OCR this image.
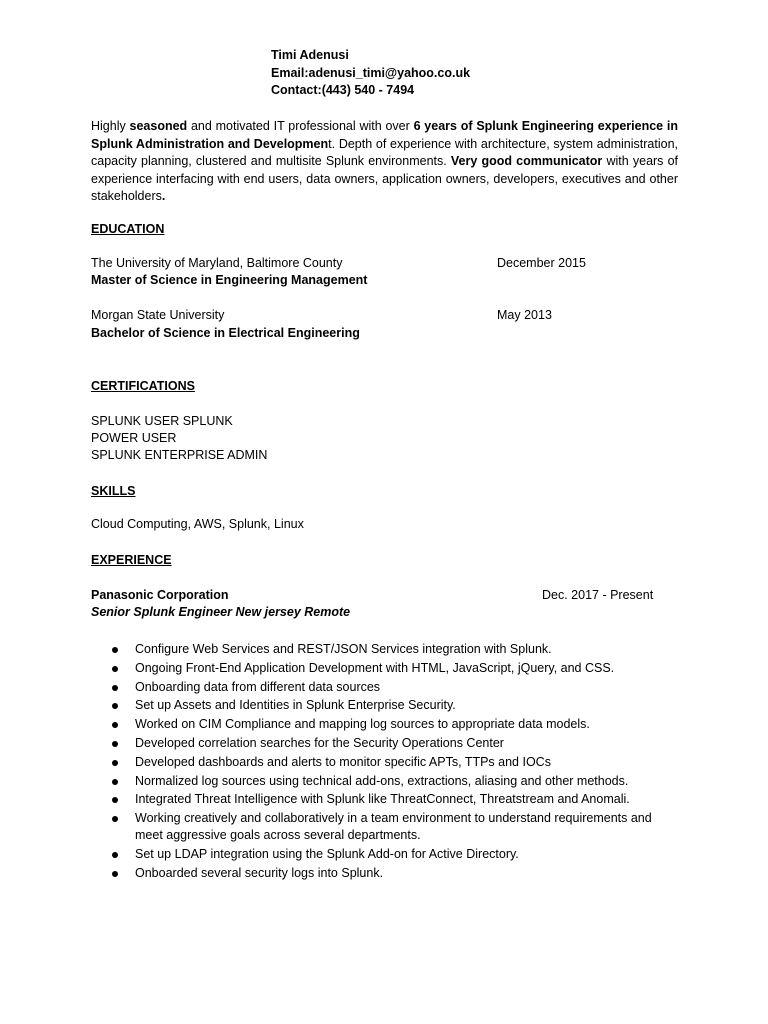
Timi Adenusi
Email:adenusi_timi@yahoo.co.uk
Contact:(443) 540 - 7494
Highly seasoned and motivated IT professional with over 6 years of Splunk Engineering experience in Splunk Administration and Development. Depth of experience with architecture, system administration, capacity planning, clustered and multisite Splunk environments. Very good communicator with years of experience interfacing with end users, data owners, application owners, developers, executives and other stakeholders.
EDUCATION
The University of Maryland, Baltimore County	December 2015
Master of Science in Engineering Management
Morgan State University	May 2013
Bachelor of Science in Electrical Engineering
CERTIFICATIONS
SPLUNK USER SPLUNK
POWER USER
SPLUNK ENTERPRISE ADMIN
SKILLS
Cloud Computing, AWS, Splunk, Linux
EXPERIENCE
Panasonic Corporation	Dec. 2017 - Present
Senior Splunk Engineer New jersey Remote
Configure Web Services and REST/JSON Services integration with Splunk.
Ongoing Front-End Application Development with HTML, JavaScript, jQuery, and CSS.
Onboarding data from different data sources
Set up Assets and Identities in Splunk Enterprise Security.
Worked on CIM Compliance and mapping log sources to appropriate data models.
Developed correlation searches for the Security Operations Center
Developed dashboards and alerts to monitor specific APTs, TTPs and IOCs
Normalized log sources using technical add-ons, extractions, aliasing and other methods.
Integrated Threat Intelligence with Splunk like ThreatConnect, Threatstream and Anomali.
Working creatively and collaboratively in a team environment to understand requirements and meet aggressive goals across several departments.
Set up LDAP integration using the Splunk Add-on for Active Directory.
Onboarded several security logs into Splunk.
